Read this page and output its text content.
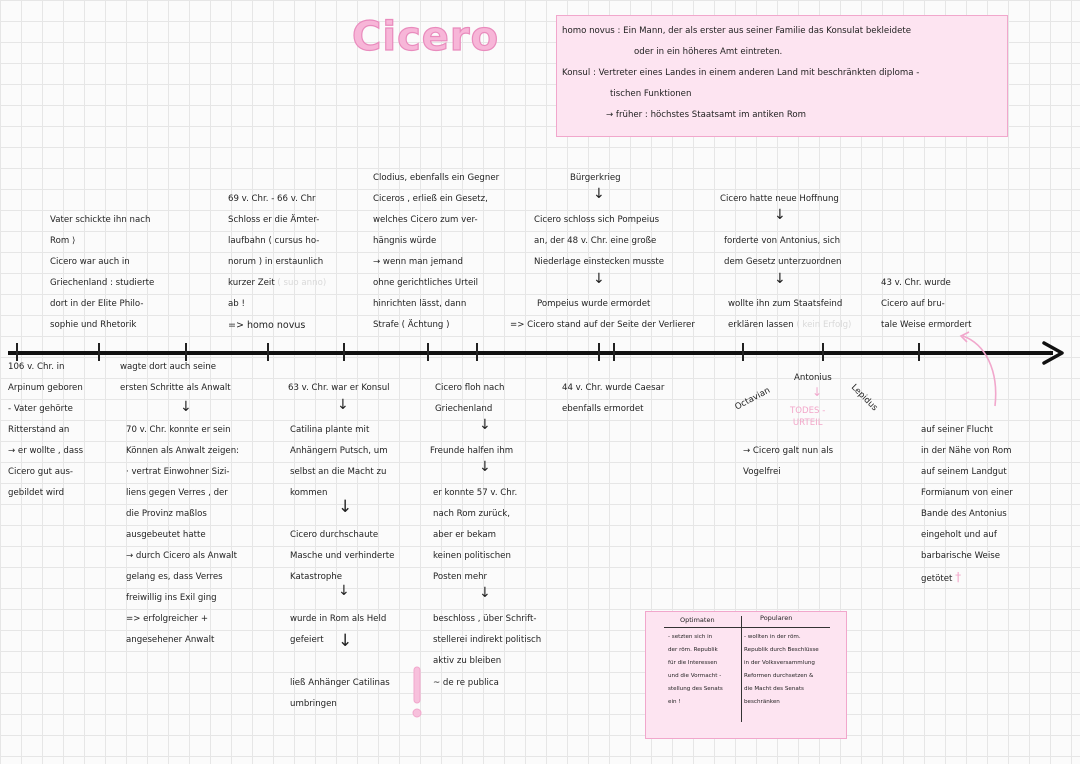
Cicero	homo novus : Ein Mann, der als erster aus seiner Familie das Konsulat bekleidete
oder in ein höheres Amt eintreten.
Konsul : Vertreter eines Landes in einem anderen Land mit beschränkten diploma -
tischen Funktionen
→ früher : höchstes Staatsamt im antiken Rom
Vater schickte ihn nach
Rom ⟩
Cicero war auch in
Griechenland : studierte
dort in der Elite Philo-
sophie und Rhetorik
69 v. Chr. - 66 v. Chr
Schloss er die Ämter-
laufbahn ( cursus ho-
norum ) in erstaunlich
kurzer Zeit ( suo anno)
ab !
=> homo novus
Clodius, ebenfalls ein Gegner
Ciceros , erließ ein Gesetz,
welches Cicero zum ver-
hängnis würde
→ wenn man jemand
ohne gerichtliches Urteil
hinrichten lässt, dann
Strafe ( Ächtung )
Bürgerkrieg
↓
Cicero schloss sich Pompeius
an, der 48 v. Chr. eine große
Niederlage einstecken musste
↓
Pompeius wurde ermordet
=> Cicero stand auf der Seite der Verlierer
Cicero hatte neue Hoffnung
↓
forderte von Antonius, sich
dem Gesetz unterzuordnen
↓
wollte ihn zum Staatsfeind
erklären lassen ( kein Erfolg)
43 v. Chr. wurde
Cicero auf bru-
tale Weise ermordert
106 v. Chr. in
Arpinum geboren
- Vater gehörte
Ritterstand an
→ er wollte , dass
Cicero gut aus-
gebildet wird
wagte dort auch seine
ersten Schritte als Anwalt
↓
70 v. Chr. konnte er sein
Können als Anwalt zeigen:
· vertrat Einwohner Sizi-
liens gegen Verres , der
die Provinz maßlos
ausgebeutet hatte
→ durch Cicero als Anwalt
gelang es, dass Verres
freiwillig ins Exil ging
=> erfolgreicher +
angesehener Anwalt
63 v. Chr. war er Konsul
↓
Catilina plante mit
Anhängern Putsch, um
selbst an die Macht zu
kommen
↓
Cicero durchschaute
Masche und verhinderte
Katastrophe
↓
wurde in Rom als Held
gefeiert ↓
ließ Anhänger Catilinas
umbringen
Cicero floh nach
Griechenland
↓
Freunde halfen ihm
↓
er konnte 57 v. Chr.
nach Rom zurück,
aber er bekam
keinen politischen
Posten mehr
↓
beschloss , über Schrift-
stellerei indirekt politisch
aktiv zu bleiben
~ de re publica
44 v. Chr. wurde Caesar
ebenfalls ermordet	Octavian
Antonius
Lepidus
↓
TODES -
URTEIL
→ Cicero galt nun als
Vogelfrei
auf seiner Flucht
in der Nähe von Rom
auf seinem Landgut
Formianum von einer
Bande des Antonius
eingeholt und auf
barbarische Weise
getötet †
Optimaten	Popularen
- setzten sich in
der röm. Republik
für die Interessen
und die Vormacht -
stellung des Senats
ein !
- wollten in der röm.
Republik durch Beschlüsse
in der Volksversammlung
Reformen durchsetzen &
die Macht des Senats
beschränken
